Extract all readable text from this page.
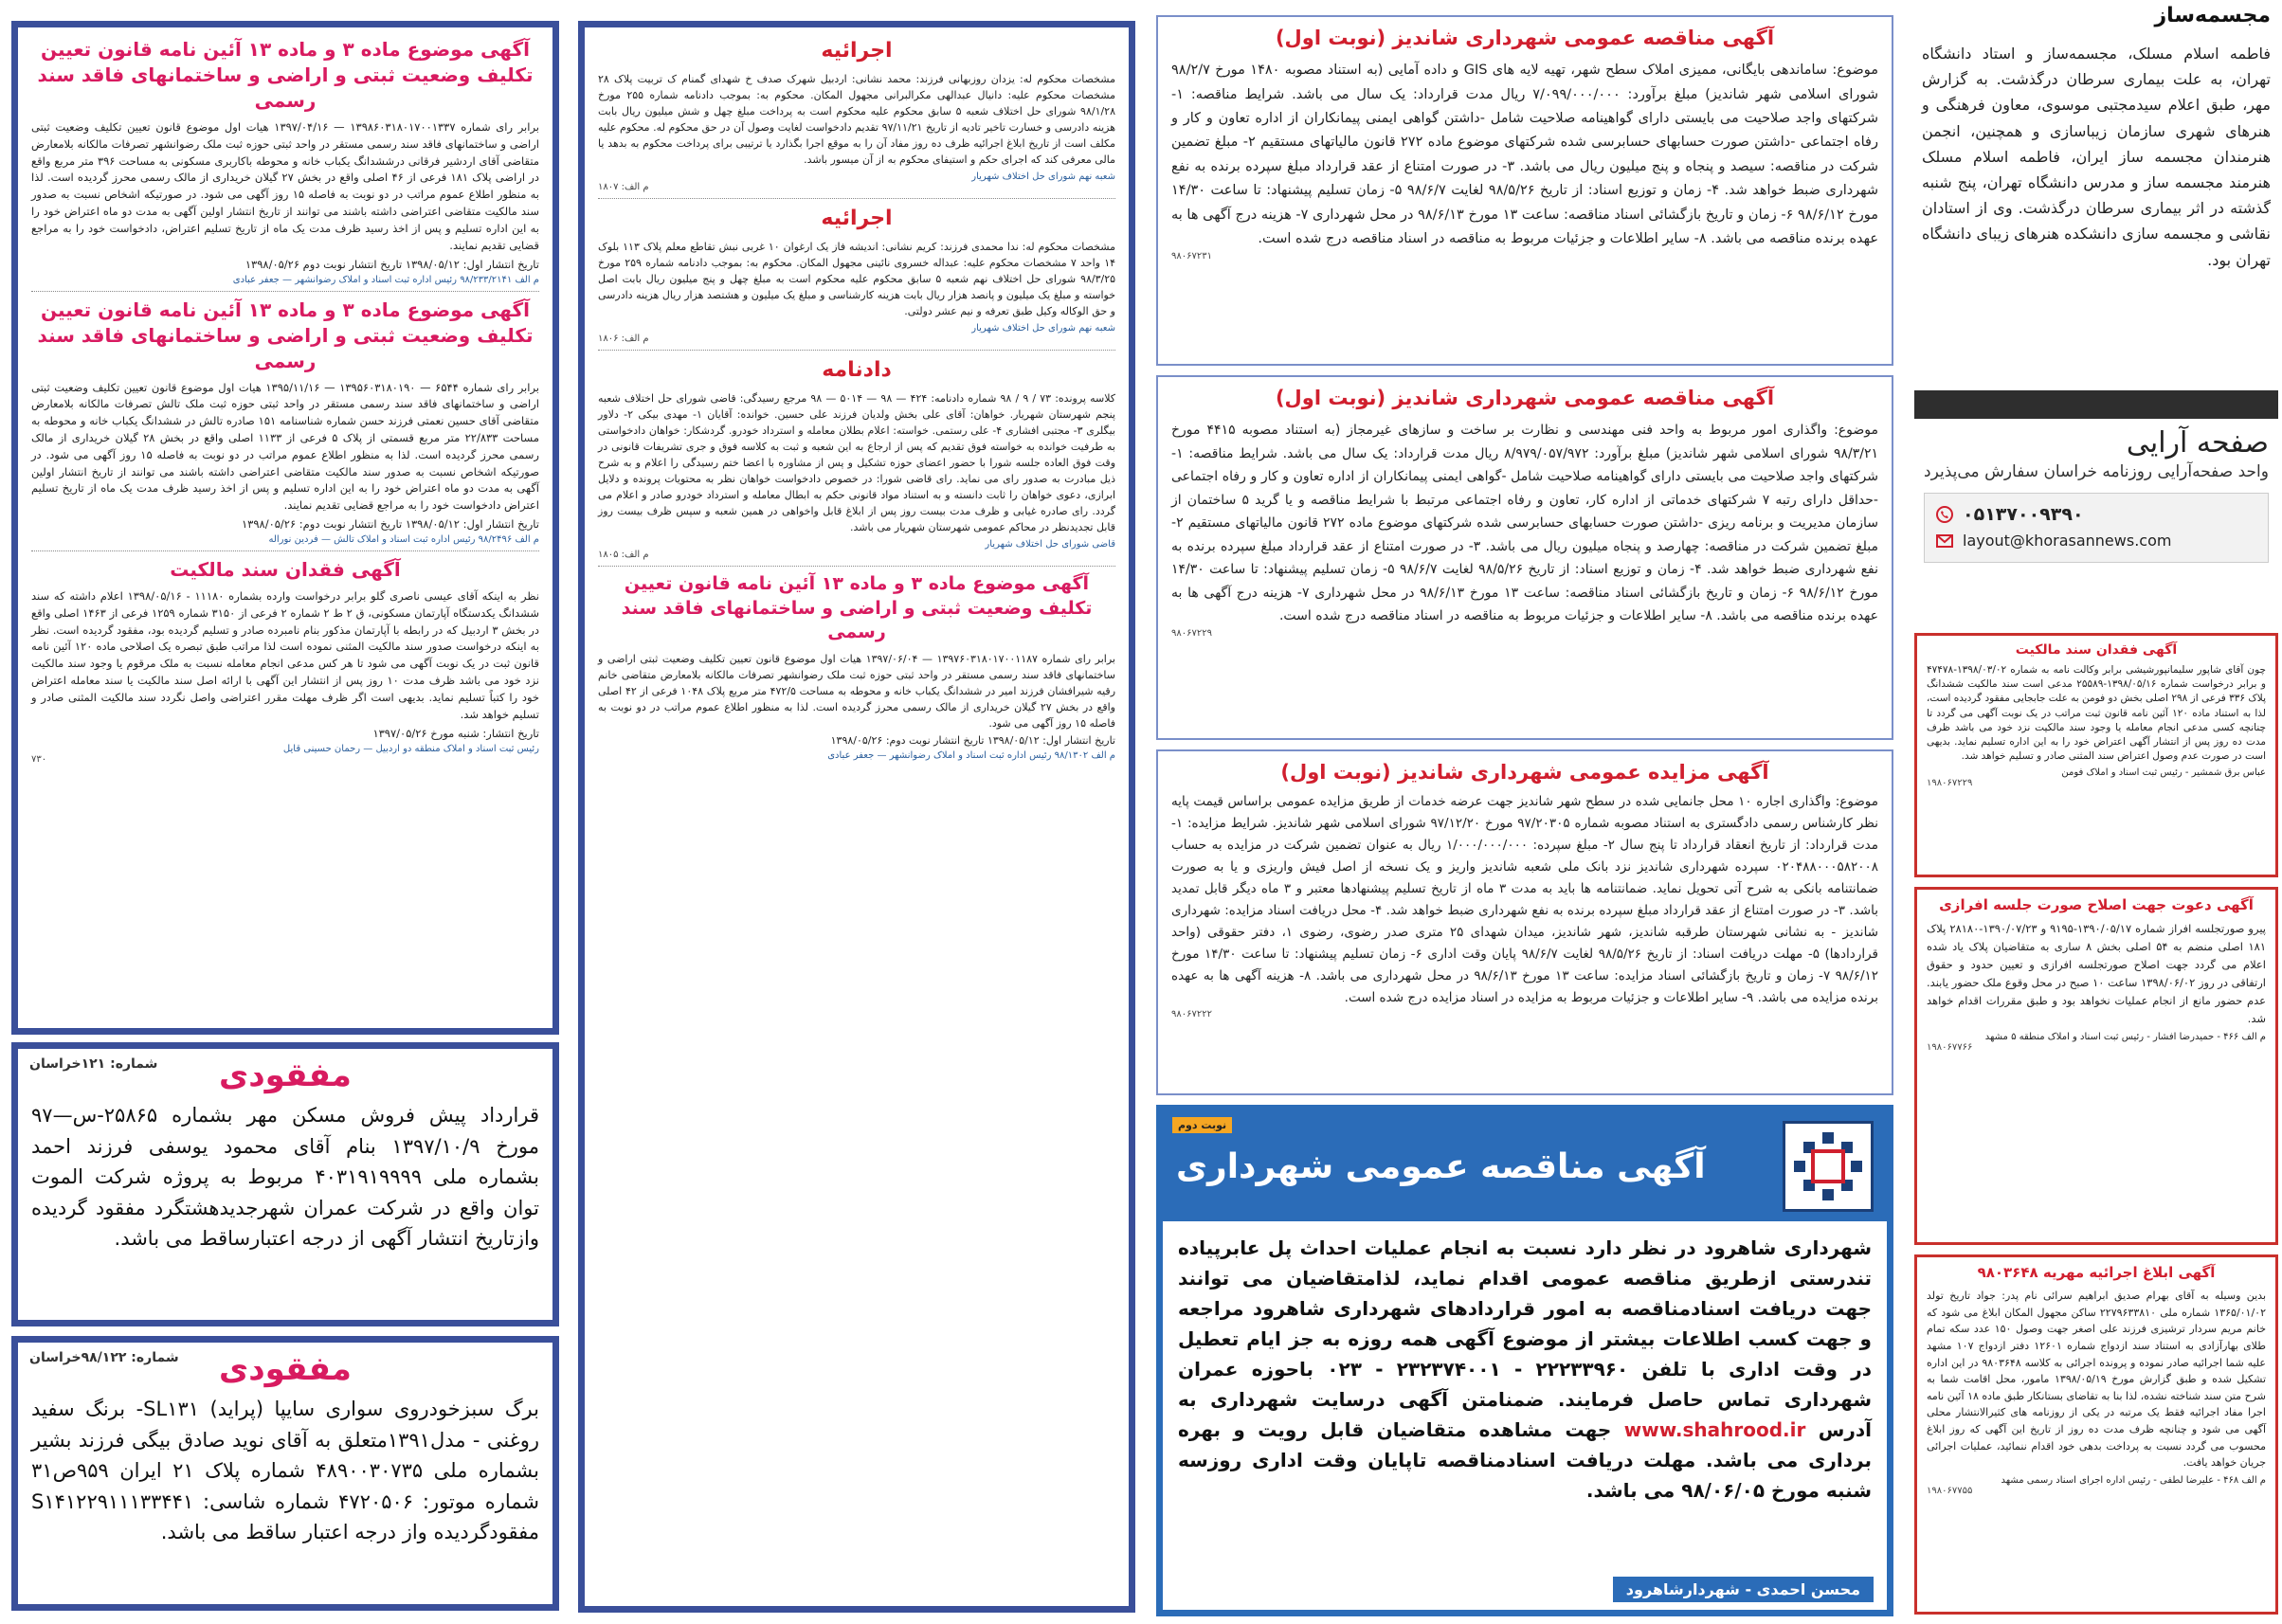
آگهی موضوع ماده ۳ و ماده ۱۳ آئین نامه قانون تعیین تکلیف وضعیت ثبتی و اراضی و ساختمانهای فاقد سند رسمی
برابر رای شماره ۱۳۹۸۶۰۳۱۸۰۱۷۰۰۱۳۳۷ — ۱۳۹۷/۰۴/۱۶ هیات اول موضوع قانون تعیین تکلیف وضعیت ثبتی اراضی و ساختمانهای فاقد سند رسمی مستقر در واحد ثبتی حوزه ثبت ملک رضوانشهر تصرفات مالکانه بلامعارض متقاضی آقای اردشیر فرقانی درششدانگ یکباب خانه و محوطه باکاربری مسکونی به مساحت ۳۹۶ متر مربع واقع در اراضی پلاک ۱۸۱ فرعی از ۴۶ اصلی واقع در بخش ۲۷ گیلان خریداری از مالک رسمی محرز گردیده است. لذا به منظور اطلاع عموم مراتب در دو نوبت به فاصله ۱۵ روز آگهی می شود. در صورتیکه اشخاص نسبت به صدور سند مالکیت متقاضی اعتراضی داشته باشند می توانند از تاریخ انتشار اولین آگهی به مدت دو ماه اعتراض خود را به این اداره تسلیم و پس از اخذ رسید ظرف مدت یک ماه از تاریخ تسلیم اعتراض، دادخواست خود را به مراجع قضایی تقدیم نمایند.
تاریخ انتشار اول: ۱۳۹۸/۰۵/۱۲ تاریخ انتشار نوبت دوم ۱۳۹۸/۰۵/۲۶
م الف ۹۸/۲۳۳/۲۱۴۱ رئیس اداره ثبت اسناد و املاک رضوانشهر — جعفر عبادی
آگهی موضوع ماده ۳ و ماده ۱۳ آئین نامه قانون تعیین تکلیف وضعیت ثبتی و اراضی و ساختمانهای فاقد سند رسمی
برابر رای شماره ۶۵۴۴ — ۱۳۹۵۶۰۳۱۸۰۱۹۰ — ۱۳۹۵/۱۱/۱۶ هیات اول موضوع قانون تعیین تکلیف وضعیت ثبتی اراضی و ساختمانهای فاقد سند رسمی مستقر در واحد ثبتی حوزه ثبت ملک تالش تصرفات مالکانه بلامعارض متقاضی آقای حسین نعمتی فرزند حسن شماره شناسنامه ۱۵۱ صادره تالش در ششدانگ یکباب خانه و محوطه به مساحت ۲۲/۸۳۳ متر مربع قسمتی از پلاک ۵ فرعی از ۱۱۳۳ اصلی واقع در بخش ۲۸ گیلان خریداری از مالک رسمی محرز گردیده است. لذا به منظور اطلاع عموم مراتب در دو نوبت به فاصله ۱۵ روز آگهی می شود. در صورتیکه اشخاص نسبت به صدور سند مالکیت متقاضی اعتراضی داشته باشند می توانند از تاریخ انتشار اولین آگهی به مدت دو ماه اعتراض خود را به این اداره تسلیم و پس از اخذ رسید ظرف مدت یک ماه از تاریخ تسلیم اعتراض دادخواست خود را به مراجع قضایی تقدیم نمایند.
تاریخ انتشار اول: ۱۳۹۸/۰۵/۱۲ تاریخ انتشار نوبت دوم: ۱۳۹۸/۰۵/۲۶
م الف ۹۸/۲۴۹۶ رئیس اداره ثبت اسناد و املاک تالش — فردین نوراله
آگهی فقدان سند مالکیت
نظر به اینکه آقای عیسی ناصری گلو برابر درخواست وارده بشماره ۱۱۱۸۰ - ۱۳۹۸/۰۵/۱۶ اعلام داشته که سند ششدانگ یکدستگاه آپارتمان مسکونی، ق ۲ ط ۲ شماره ۲ فرعی از ۳۱۵۰ شماره ۱۲۵۹ فرعی از ۱۴۶۳ اصلی واقع در بخش ۳ اردبیل که در رابطه با آپارتمان مذکور بنام نامبرده صادر و تسلیم گردیده بود، مفقود گردیده است. نظر به اینکه درخواست صدور سند مالکیت المثنی نموده است لذا مراتب طبق تبصره یک اصلاحی ماده ۱۲۰ آئین نامه قانون ثبت در یک نوبت آگهی می شود تا هر کس مدعی انجام معامله نسبت به ملک مرقوم یا وجود سند مالکیت نزد خود می باشد ظرف مدت ۱۰ روز پس از انتشار این آگهی با ارائه اصل سند مالکیت یا سند معامله اعتراض خود را کتباً تسلیم نماید. بدیهی است اگر ظرف مهلت مقرر اعتراضی واصل نگردد سند مالکیت المثنی صادر و تسلیم خواهد شد.
تاریخ انتشار: شنبه مورخ ۱۳۹۷/۰۵/۲۶
رئیس ثبت اسناد و املاک منطقه دو اردبیل — رحمان حسینی قایل
۷۳۰
شماره: ۱۲۱خراسان	مفقودی
قرارداد پیش فروش مسکن مهر بشماره ۲۵۸۶۵-س—۹۷ مورخ ۱۳۹۷/۱۰/۹ بنام آقای محمود یوسفی فرزند احمد بشماره ملی ۴۰۳۱۹۱۹۹۹۹ مربوط به پروژه شرکت الموت توان واقع در شرکت عمران شهرجدیدهشتگرد مفقود گردیده وازتاریخ انتشار آگهی از درجه اعتبارساقط می باشد.
شماره: ۹۸/۱۲۲خراسان	مفقودی
برگ سبزخودروی سواری سایپا (پراید) SL۱۳۱- برنگ سفید روغنی - مدل۱۳۹۱متعلق به آقای نوید صادق بیگی فرزند بشیر بشماره ملی ۴۸۹۰۰۳۰۷۳۵ شماره پلاک ۲۱ ایران ۹۵۹ص۳۱ شماره موتور: ۴۷۲۰۵۰۶ شماره شاسی: S۱۴۱۲۲۹۱۱۱۳۳۴۴۱ مفقودگردیده واز درجه اعتبار ساقط می باشد.
اجرائیه
مشخصات محکوم له: یزدان روزبهانی فرزند: محمد نشانی: اردبیل شهرک صدف خ شهدای گمنام ک تربیت پلاک ۲۸ مشخصات محکوم علیه: دانیال عبدالهی مکرالبرانی مجهول المکان. محکوم به: بموجب دادنامه شماره ۲۵۵ مورخ ۹۸/۱/۲۸ شورای حل اختلاف شعبه ۵ سابق محکوم علیه محکوم است به پرداخت مبلغ چهل و شش میلیون ریال بابت هزینه دادرسی و خسارت تاخیر تادیه از تاریخ ۹۷/۱۱/۲۱ تقدیم دادخواست لغایت وصول آن در حق محکوم له. محکوم علیه مکلف است از تاریخ ابلاغ اجرائیه ظرف ده روز مفاد آن را به موقع اجرا بگذارد یا ترتیبی برای پرداخت محکوم به بدهد یا مالی معرفی کند که اجرای حکم و استیفای محکوم به از آن میسور باشد.
شعبه نهم شورای حل اختلاف شهریار
م الف: ۱۸۰۷
اجرائیه
مشخصات محکوم له: ندا محمدی فرزند: کریم نشانی: اندیشه فاز یک ارغوان ۱۰ غربی نبش تقاطع معلم پلاک ۱۱۳ بلوک ۱۴ واحد ۷ مشخصات محکوم علیه: عبداله خسروی نائینی مجهول المکان. محکوم به: بموجب دادنامه شماره ۲۵۹ مورخ ۹۸/۳/۲۵ شورای حل اختلاف نهم شعبه ۵ سابق محکوم علیه محکوم است به مبلغ چهل و پنج میلیون ریال بابت اصل خواسته و مبلغ یک میلیون و پانصد هزار ریال بابت هزینه کارشناسی و مبلغ یک میلیون و هشتصد هزار ریال هزینه دادرسی و حق الوکاله وکیل طبق تعرفه و نیم عشر دولتی.
شعبه نهم شورای حل اختلاف شهریار
م الف: ۱۸۰۶
دادنامه
کلاسه پرونده: ۷۳ / ۹ / ۹۸ شماره دادنامه: ۴۲۴ — ۹۸ — ۵۰۱۴ — ۹۸ مرجع رسیدگی: قاضی شورای حل اختلاف شعبه پنجم شهرستان شهریار. خواهان: آقای علی بخش ولدیان فرزند علی حسین. خوانده: آقایان ۱- مهدی بیکی ۲- دلاور بیگلری ۳- مجتبی افشاری ۴- علی رستمی. خواسته: اعلام بطلان معامله و استرداد خودرو. گردشکار: خواهان دادخواستی به طرفیت خوانده به خواسته فوق تقدیم که پس از ارجاع به این شعبه و ثبت به کلاسه فوق و جری تشریفات قانونی در وقت فوق العاده جلسه شورا با حضور اعضای حوزه تشکیل و پس از مشاوره با اعضا ختم رسیدگی را اعلام و به شرح ذیل مبادرت به صدور رای می نماید. رای قاضی شورا: در خصوص دادخواست خواهان نظر به محتویات پرونده و دلایل ابرازی، دعوی خواهان را ثابت دانسته و به استناد مواد قانونی حکم به ابطال معامله و استرداد خودرو صادر و اعلام می گردد. رای صادره غیابی و ظرف مدت بیست روز پس از ابلاغ قابل واخواهی در همین شعبه و سپس ظرف بیست روز قابل تجدیدنظر در محاکم عمومی شهرستان شهریار می باشد.
قاضی شورای حل اختلاف شهریار
م الف: ۱۸۰۵
آگهی موضوع ماده ۳ و ماده ۱۳ آئین نامه قانون تعیین تکلیف وضعیت ثبتی و اراضی و ساختمانهای فاقد سند رسمی
برابر رای شماره ۱۳۹۷۶۰۳۱۸۰۱۷۰۰۱۱۸۷ — ۱۳۹۷/۰۶/۰۴ هیات اول موضوع قانون تعیین تکلیف وضعیت ثبتی اراضی و ساختمانهای فاقد سند رسمی مستقر در واحد ثبتی حوزه ثبت ملک رضوانشهر تصرفات مالکانه بلامعارض متقاضی خانم رقیه شیرافشان فرزند امیر در ششدانگ یکباب خانه و محوطه به مساحت ۴۷۲/۵ متر مربع پلاک ۱۰۴۸ فرعی از ۴۲ اصلی واقع در بخش ۲۷ گیلان خریداری از مالک رسمی محرز گردیده است. لذا به منظور اطلاع عموم مراتب در دو نوبت به فاصله ۱۵ روز آگهی می شود.
تاریخ انتشار اول: ۱۳۹۸/۰۵/۱۲ تاریخ انتشار نوبت دوم: ۱۳۹۸/۰۵/۲۶
م الف ۹۸/۱۳۰۲ رئیس اداره ثبت اسناد و املاک رضوانشهر — جعفر عبادی
آگهی مناقصه عمومی شهرداری شاندیز (نوبت اول)
موضوع: ساماندهی بایگانی، ممیزی املاک سطح شهر، تهیه لایه های GIS و داده آمایی (به استناد مصوبه ۱۴۸۰ مورخ ۹۸/۲/۷ شورای اسلامی شهر شاندیز) مبلغ برآورد: ۷/۰۹۹/۰۰۰/۰۰۰ ریال مدت قرارداد: یک سال می باشد. شرایط مناقصه: ۱- شرکتهای واجد صلاحیت می بایستی دارای گواهینامه صلاحیت شامل -داشتن گواهی ایمنی پیمانکاران از اداره تعاون و کار و رفاه اجتماعی -داشتن صورت حسابهای حسابرسی شده شرکتهای موضوع ماده ۲۷۲ قانون مالیاتهای مستقیم ۲- مبلغ تضمین شرکت در مناقصه: سیصد و پنجاه و پنج میلیون ریال می باشد. ۳- در صورت امتناع از عقد قرارداد مبلغ سپرده برنده به نفع شهرداری ضبط خواهد شد. ۴- زمان و توزیع اسناد: از تاریخ ۹۸/۵/۲۶ لغایت ۹۸/۶/۷ ۵- زمان تسلیم پیشنهاد: تا ساعت ۱۴/۳۰ مورخ ۹۸/۶/۱۲ ۶- زمان و تاریخ بازگشائی اسناد مناقصه: ساعت ۱۳ مورخ ۹۸/۶/۱۳ در محل شهرداری ۷- هزینه درج آگهی ها به عهده برنده مناقصه می باشد. ۸- سایر اطلاعات و جزئیات مربوط به مناقصه در اسناد مناقصه درج شده است.
۹۸۰۶۷۲۳۱
آگهی مناقصه عمومی شهرداری شاندیز (نوبت اول)
موضوع: واگذاری امور مربوط به واحد فنی مهندسی و نظارت بر ساخت و سازهای غیرمجاز (به استناد مصوبه ۴۴۱۵ مورخ ۹۸/۳/۲۱ شورای اسلامی شهر شاندیز) مبلغ برآورد: ۸/۹۷۹/۰۵۷/۹۷۲ ریال مدت قرارداد: یک سال می باشد. شرایط مناقصه: ۱- شرکتهای واجد صلاحیت می بایستی دارای گواهینامه صلاحیت شامل -گواهی ایمنی پیمانکاران از اداره تعاون و کار و رفاه اجتماعی -حداقل دارای رتبه ۷ شرکتهای خدماتی از اداره کار، تعاون و رفاه اجتماعی مرتبط با شرایط مناقصه و یا گرید ۵ ساختمان از سازمان مدیریت و برنامه ریزی -داشتن صورت حسابهای حسابرسی شده شرکتهای موضوع ماده ۲۷۲ قانون مالیاتهای مستقیم ۲- مبلغ تضمین شرکت در مناقصه: چهارصد و پنجاه میلیون ریال می باشد. ۳- در صورت امتناع از عقد قرارداد مبلغ سپرده برنده به نفع شهرداری ضبط خواهد شد. ۴- زمان و توزیع اسناد: از تاریخ ۹۸/۵/۲۶ لغایت ۹۸/۶/۷ ۵- زمان تسلیم پیشنهاد: تا ساعت ۱۴/۳۰ مورخ ۹۸/۶/۱۲ ۶- زمان و تاریخ بازگشائی اسناد مناقصه: ساعت ۱۳ مورخ ۹۸/۶/۱۳ در محل شهرداری ۷- هزینه درج آگهی ها به عهده برنده مناقصه می باشد. ۸- سایر اطلاعات و جزئیات مربوط به مناقصه در اسناد مناقصه درج شده است.
۹۸۰۶۷۲۲۹
آگهی مزایده عمومی شهرداری شاندیز (نوبت اول)
موضوع: واگذاری اجاره ۱۰ محل جانمایی شده در سطح شهر شاندیز جهت عرضه خدمات از طریق مزایده عمومی براساس قیمت پایه نظر کارشناس رسمی دادگستری به استناد مصوبه شماره ۹۷/۲۰۳۰۵ مورخ ۹۷/۱۲/۲۰ شورای اسلامی شهر شاندیز. شرایط مزایده: ۱- مدت قرارداد: از تاریخ انعقاد قرارداد تا پنج سال ۲- مبلغ سپرده: ۱/۰۰۰/۰۰۰/۰۰۰ ریال به عنوان تضمین شرکت در مزایده به حساب ۰۲۰۴۸۸۰۰۰۵۸۲۰۰۸ سپرده شهرداری شاندیز نزد بانک ملی شعبه شاندیز واریز و یک نسخه از اصل فیش واریزی و یا به صورت ضمانتنامه بانکی به شرح آتی تحویل نماید. ضمانتنامه ها باید به مدت ۳ ماه از تاریخ تسلیم پیشنهادها معتبر و ۳ ماه دیگر قابل تمدید باشد. ۳- در صورت امتناع از عقد قرارداد مبلغ سپرده برنده به نفع شهرداری ضبط خواهد شد. ۴- محل دریافت اسناد مزایده: شهرداری شاندیز - به نشانی شهرستان طرقبه شاندیز، شهر شاندیز، میدان شهدای ۲۵ متری صدر رضوی، رضوی ۱، دفتر حقوقی (واحد قراردادها) ۵- مهلت دریافت اسناد: از تاریخ ۹۸/۵/۲۶ لغایت ۹۸/۶/۷ پایان وقت اداری ۶- زمان تسلیم پیشنهاد: تا ساعت ۱۴/۳۰ مورخ ۹۸/۶/۱۲ ۷- زمان و تاریخ بازگشائی اسناد مزایده: ساعت ۱۳ مورخ ۹۸/۶/۱۳ در محل شهرداری می باشد. ۸- هزینه آگهی ها به عهده برنده مزایده می باشد. ۹- سایر اطلاعات و جزئیات مربوط به مزایده در اسناد مزایده درج شده است.
۹۸۰۶۷۲۲۲
آگهی مناقصه عمومی شهرداری
نوبت دوم
شهرداری شاهرود در نظر دارد نسبت به انجام عملیات احداث پل عابرپیاده تندرستی ازطریق مناقصه عمومی اقدام نماید، لذامتقاضیان می توانند جهت دریافت اسنادمناقصه به امور قراردادهای شهرداری شاهرود مراجعه و جهت کسب اطلاعات بیشتر از موضوع آگهی همه روزه به جز ایام تعطیل در وقت اداری با تلفن ۲۲۲۳۳۹۶۰ - ۲۳۲۳۷۴۰۰۱ - ۰۲۳ باحوزه عمران شهرداری تماس حاصل فرمایند. ضمنامتن آگهی درسایت شهرداری به آدرس www.shahrood.ir جهت مشاهده متقاضیان قابل رویت و بهره برداری می باشد. مهلت دریافت اسنادمناقصه تاپایان وقت اداری روزسه شنبه مورخ ۹۸/۰۶/۰۵ می باشد.
محسن احمدی - شهردارشاهرود
مجسمه‌ساز
فاطمه اسلام مسلک، مجسمه‌ساز و استاد دانشگاه تهران، به علت بیماری سرطان درگذشت. به گزارش مهر، طبق اعلام سیدمجتبی موسوی، معاون فرهنگی و هنرهای شهری سازمان زیباسازی و همچنین، انجمن هنرمندان مجسمه ساز ایران، فاطمه اسلام مسلک هنرمند مجسمه ساز و مدرس دانشگاه تهران، پنج شنبه گذشته در اثر بیماری سرطان درگذشت. وی از استادان نقاشی و مجسمه سازی دانشکده هنرهای زیبای دانشگاه تهران بود.
صفحه آرایی
واحد صفحه‌آرایی روزنامه خراسان سفارش می‌پذیرد
۰۵۱۳۷۰۰۹۳۹۰
layout@khorasannews.com
آگهی فقدان سند مالکیت
چون آقای شاپور سلیمانپورشیشی برابر وکالت نامه به شماره ۱۳۹۸/۰۳/۰۲-۴۷۴۷۸ و برابر درخواست شماره ۱۳۹۸/۰۵/۱۶-۲۵۵۸۹ مدعی است سند مالکیت ششدانگ پلاک ۳۳۶ فرعی از ۲۹۸ اصلی بخش دو فومن به علت جابجایی مفقود گردیده است، لذا به استناد ماده ۱۲۰ آئین نامه قانون ثبت مراتب در یک نوبت آگهی می گردد تا چنانچه کسی مدعی انجام معامله یا وجود سند مالکیت نزد خود می باشد ظرف مدت ده روز پس از انتشار آگهی اعتراض خود را به این اداره تسلیم نماید. بدیهی است در صورت عدم وصول اعتراض سند المثنی صادر و تسلیم خواهد شد.
عباس برق شمشیر - رئیس ثبت اسناد و املاک فومن
۱۹۸۰۶۷۲۲۹
آگهی دعوت جهت اصلاح صورت جلسه افرازی
پیرو صورتجلسه افراز شماره ۱۳۹۰/۰۵/۱۷-۹۱۹۵ و ۱۳۹۰/۰۷/۲۳-۲۸۱۸۰ پلاک ۱۸۱ اصلی منضم به ۵۴ اصلی بخش ۸ ساری به متقاضیان پلاک یاد شده اعلام می گردد جهت اصلاح صورتجلسه افرازی و تعیین حدود و حقوق ارتفاقی در روز ۱۳۹۸/۰۶/۰۲ ساعت ۱۰ صبح در محل وقوع ملک حضور یابند. عدم حضور مانع از انجام عملیات نخواهد بود و طبق مقررات اقدام خواهد شد.
م الف ۴۶۶ - حمیدرضا افشار - رئیس ثبت اسناد و املاک منطقه ۵ مشهد
۱۹۸۰۶۷۷۶۶
آگهی ابلاغ اجرائیه مهریه ۹۸۰۳۶۴۸
بدین وسیله به آقای بهرام صدیق ابراهیم سرائی نام پدر: جواد تاریخ تولد ۱۳۶۵/۰۱/۰۲ شماره ملی ۲۲۷۹۶۳۳۸۱۰ ساکن مجهول المکان ابلاغ می شود که خانم مریم سردار ترشیزی فرزند علی اصغر جهت وصول ۱۵۰ عدد سکه تمام طلای بهارآزادی به استناد سند ازدواج شماره ۱۲۶۰۱ دفتر ازدواج ۱۰۷ مشهد علیه شما اجرائیه صادر نموده و پرونده اجرائی به کلاسه ۹۸۰۳۶۴۸ در این اداره تشکیل شده و طبق گزارش مورخ ۱۳۹۸/۰۵/۱۹ مامور، محل اقامت شما به شرح متن سند شناخته نشده، لذا بنا به تقاضای بستانکار طبق ماده ۱۸ آئین نامه اجرا مفاد اجرائیه فقط یک مرتبه در یکی از روزنامه های کثیرالانتشار محلی آگهی می شود و چنانچه ظرف مدت ده روز از تاریخ این آگهی که روز ابلاغ محسوب می گردد نسبت به پرداخت بدهی خود اقدام ننمائید، عملیات اجرائی جریان خواهد یافت.
م الف ۴۶۸ - علیرضا لطفی - رئیس اداره اجرای اسناد رسمی مشهد
۱۹۸۰۶۷۷۵۵
